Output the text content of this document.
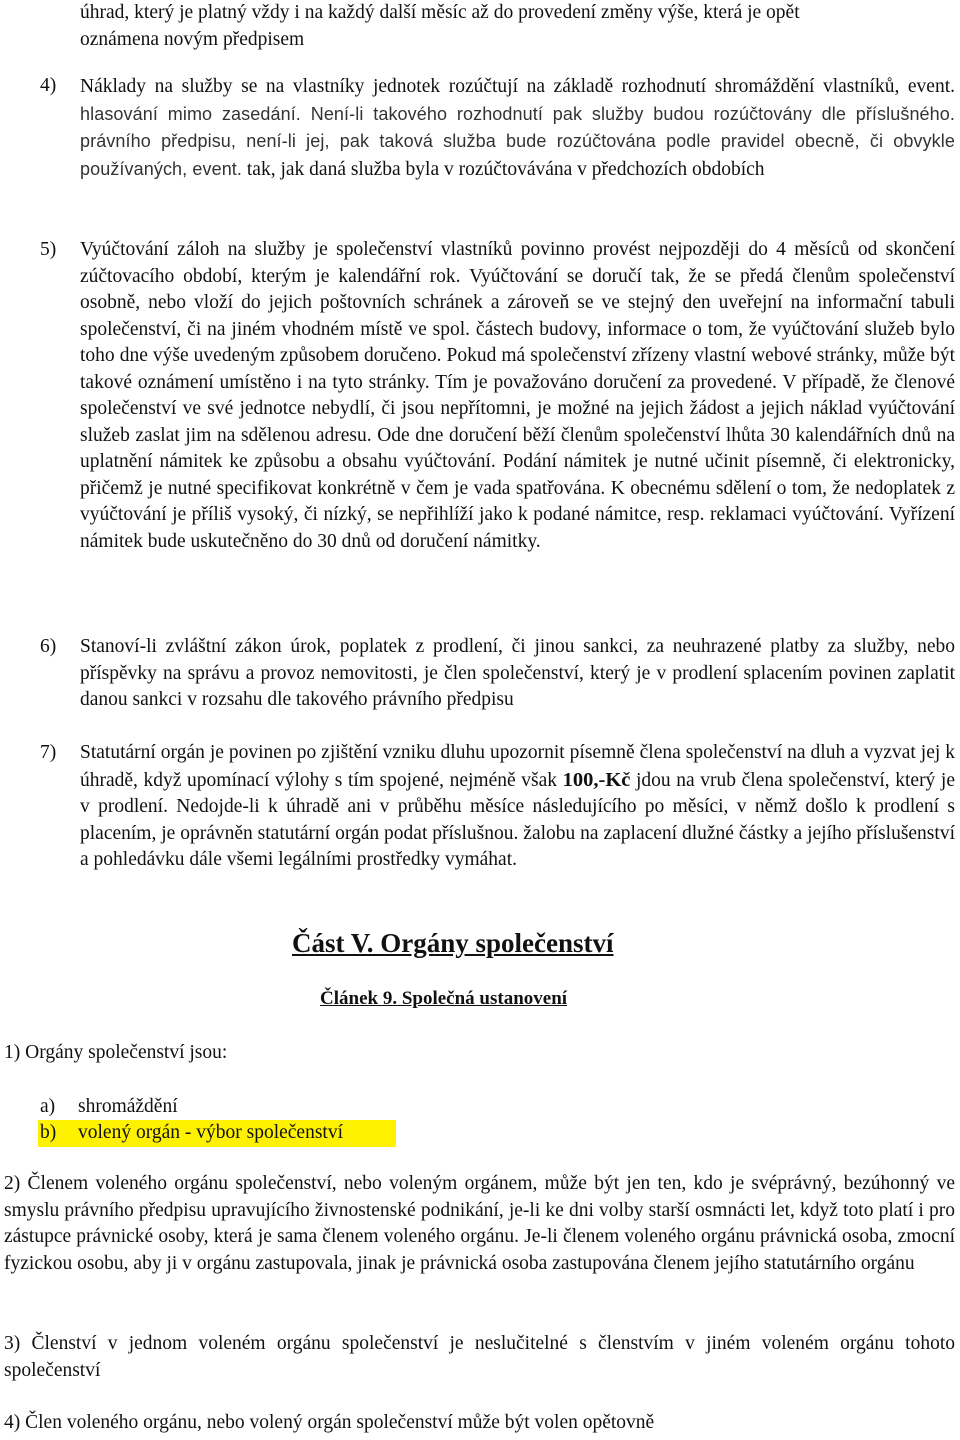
úhrad, který je platný vždy i na každý další měsíc až do provedení změny výše, která je opět
oznámena novým předpisem

4) Náklady na služby se na vlastníky jednotek rozúčtují na základě rozhodnutí shromáždění vlastníků, event. hlasování mimo zasedání. Není-li takového rozhodnutí pak služby budou rozúčtovány dle příslušného. právního předpisu, není-li jej, pak taková služba bude rozúčtována podle pravidel obecně, či obvykle používaných, event. tak, jak daná služba byla v rozúčtovávána v předchozích obdobích

5) Vyúčtování záloh na služby je společenství vlastníků povinno provést nejpozději do 4 měsíců od skončení zúčtovacího období, kterým je kalendářní rok. Vyúčtování se doručí tak, že se předá členům společenství osobně, nebo vloží do jejich poštovních schránek a zároveň se ve stejný den uveřejní na informační tabuli společenství, či na jiném vhodném místě ve spol. částech budovy, informace o tom, že vyúčtování služeb bylo toho dne výše uvedeným způsobem doručeno. Pokud má společenství zřízeny vlastní webové stránky, může být takové oznámení umístěno i na tyto stránky. Tím je považováno doručení za provedené. V případě, že členové společenství ve své jednotce nebydlí, či jsou nepřítomni, je možné na jejich žádost a jejich náklad vyúčtování služeb zaslat jim na sdělenou adresu. Ode dne doručení běží členům společenství lhůta 30 kalendářních dnů na uplatnění námitek ke způsobu a obsahu vyúčtování. Podání námitek je nutné učinit písemně, či elektronicky, přičemž je nutné specifikovat konkrétně v čem je vada spatřována. K obecnému sdělení o tom, že nedoplatek z vyúčtování je příliš vysoký, či nízký, se nepřihlíží jako k podané námitce, resp. reklamaci vyúčtování. Vyřízení námitek bude uskutečněno do 30 dnů od doručení námitky.

6) Stanoví-li zvláštní zákon úrok, poplatek z prodlení, či jinou sankci, za neuhrazené platby za služby, nebo příspěvky na správu a provoz nemovitosti, je člen společenství, který je v prodlení splacením povinen zaplatit danou sankci v rozsahu dle takového právního předpisu

7) Statutární orgán je povinen po zjištění vzniku dluhu upozornit písemně člena společenství na dluh a vyzvat jej k úhradě, když upomínací výlohy s tím spojené, nejméně však 100,-Kč jdou na vrub člena společenství, který je v prodlení. Nedojde-li k úhradě ani v průběhu měsíce následujícího po měsíci, v němž došlo k prodlení s placením, je oprávněn statutární orgán podat příslušnou. žalobu na zaplacení dlužné částky a jejího příslušenství a pohledávku dále všemi legálními prostředky vymáhat.

Část V. Orgány společenství
Článek 9. Společná ustanovení
1) Orgány společenství jsou:
a) shromáždění
b) volený orgán - výbor společenství

2) Členem voleného orgánu společenství, nebo voleným orgánem, může být jen ten, kdo je svéprávný, bezúhonný ve smyslu právního předpisu upravujícího živnostenské podnikání, je-li ke dni volby starší osmnácti let, když toto platí i pro zástupce právnické osoby, která je sama členem voleného orgánu. Je-li členem voleného orgánu právnická osoba, zmocní fyzickou osobu, aby ji v orgánu zastupovala, jinak je právnická osoba zastupována členem jejího statutárního orgánu

3) Členství v jednom voleném orgánu společenství je neslučitelné s členstvím v jiném voleném orgánu tohoto společenství

4) Člen voleného orgánu, nebo volený orgán společenství může být volen opětovně
